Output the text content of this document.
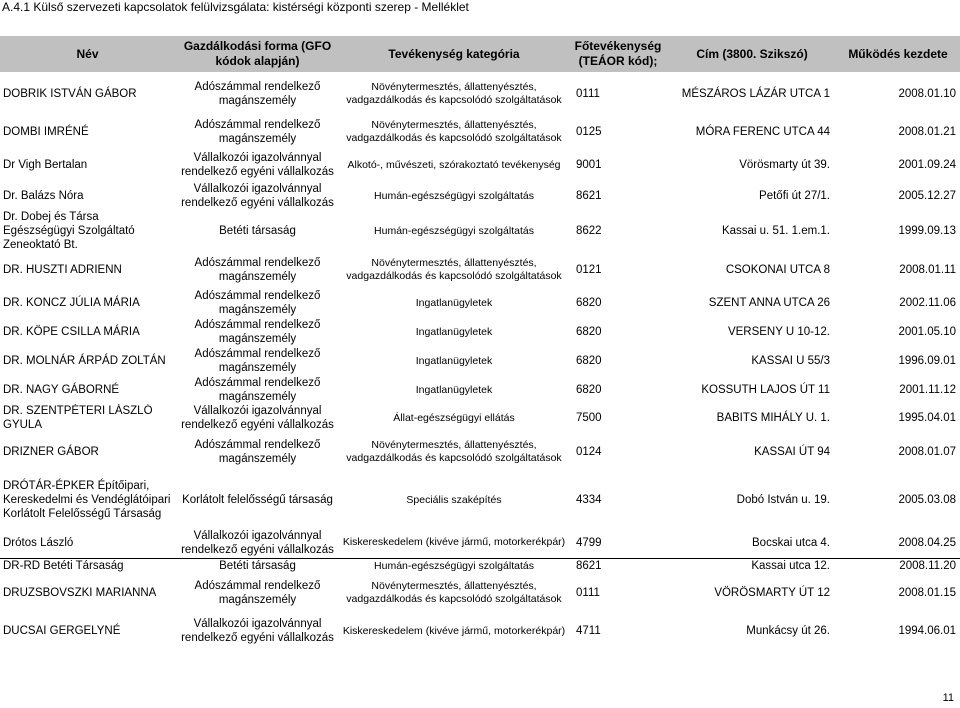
A.4.1 Külső szervezeti kapcsolatok felülvizsgálata: kistérségi központi szerep - Melléklet
Név	Gazdálkodási forma (GFO kódok alapján)	Tevékenység kategória	Főtevékenység (TEÁOR kód);	Cím (3800. Szikszó)	Működés kezdete
DOBRIK ISTVÁN GÁBOR	Adószámmal rendelkező magánszemély	Növénytermesztés, állattenyésztés, vadgazdálkodás és kapcsolódó szolgáltatások	0111	MÉSZÁROS LÁZÁR UTCA 1	2008.01.10
DOMBI IMRÉNÉ	Adószámmal rendelkező magánszemély	Növénytermesztés, állattenyésztés, vadgazdálkodás és kapcsolódó szolgáltatások	0125	MÓRA FERENC UTCA 44	2008.01.21
Dr Vigh Bertalan	Vállalkozói igazolvánnyal rendelkező egyéni vállalkozás	Alkotó-, művészeti, szórakoztató tevékenység	9001	Vörösmarty út 39.	2001.09.24
Dr. Balázs Nóra	Vállalkozói igazolvánnyal rendelkező egyéni vállalkozás	Humán-egészségügyi szolgáltatás	8621	Petőfi út 27/1.	2005.12.27
Dr. Dobej és Társa Egészségügyi Szolgáltató Zeneoktató Bt.	Betéti társaság	Humán-egészségügyi szolgáltatás	8622	Kassai u. 51. 1.em.1.	1999.09.13
DR. HUSZTI ADRIENN	Adószámmal rendelkező magánszemély	Növénytermesztés, állattenyésztés, vadgazdálkodás és kapcsolódó szolgáltatások	0121	CSOKONAI UTCA 8	2008.01.11
DR. KONCZ JÚLIA MÁRIA	Adószámmal rendelkező magánszemély	Ingatlanügyletek	6820	SZENT ANNA UTCA 26	2002.11.06
DR. KÖPE CSILLA MÁRIA	Adószámmal rendelkező magánszemély	Ingatlanügyletek	6820	VERSENY U 10-12.	2001.05.10
DR. MOLNÁR ÁRPÁD ZOLTÁN	Adószámmal rendelkező magánszemély	Ingatlanügyletek	6820	KASSAI U 55/3	1996.09.01
DR. NAGY GÁBORNÉ	Adószámmal rendelkező magánszemély	Ingatlanügyletek	6820	KOSSUTH LAJOS ÚT 11	2001.11.12
DR. SZENTPÉTERI LÁSZLÓ GYULA	Vállalkozói igazolvánnyal rendelkező egyéni vállalkozás	Állat-egészségügyi ellátás	7500	BABITS MIHÁLY U. 1.	1995.04.01
DRIZNER GÁBOR	Adószámmal rendelkező magánszemély	Növénytermesztés, állattenyésztés, vadgazdálkodás és kapcsolódó szolgáltatások	0124	KASSAI ÚT 94	2008.01.07
DRÓTÁR-ÉPKER Építőipari, Kereskedelmi és Vendéglátóipari Korlátolt Felelősségű Társaság	Korlátolt felelősségű társaság	Speciális szaképítés	4334	Dobó István u. 19.	2005.03.08
Drótos László	Vállalkozói igazolvánnyal rendelkező egyéni vállalkozás	Kiskereskedelem (kivéve jármű, motorkerékpár)	4799	Bocskai utca 4.	2008.04.25
DR-RD Betéti Társaság	Betéti társaság	Humán-egészségügyi szolgáltatás	8621	Kassai utca 12.	2008.11.20
DRUZSBOVSZKI MARIANNA	Adószámmal rendelkező magánszemély	Növénytermesztés, állattenyésztés, vadgazdálkodás és kapcsolódó szolgáltatások	0111	VÖRÖSMARTY ÚT 12	2008.01.15
DUCSAI GERGELYNÉ	Vállalkozói igazolvánnyal rendelkező egyéni vállalkozás	Kiskereskedelem (kivéve jármű, motorkerékpár)	4711	Munkácsy út 26.	1994.06.01
11
